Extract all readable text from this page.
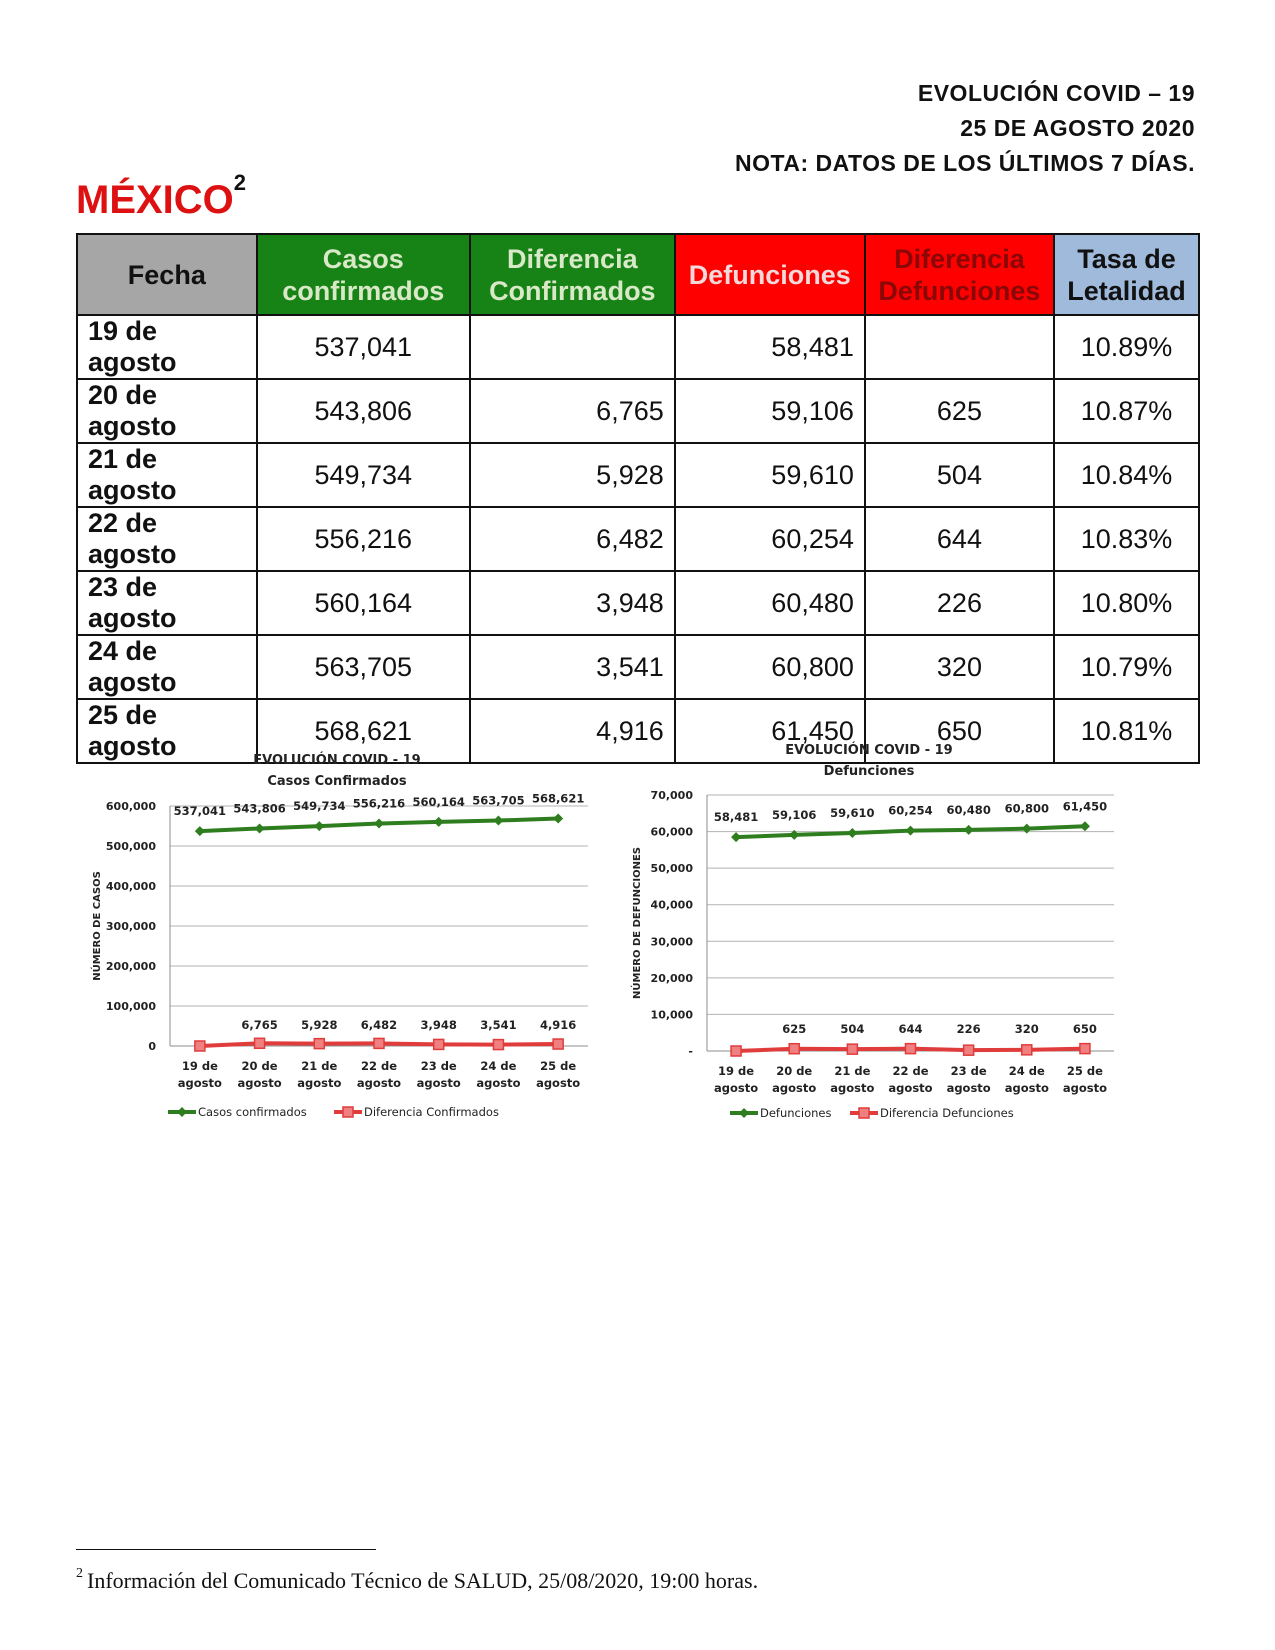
EVOLUCIÓN COVID – 19
25 DE AGOSTO 2020
NOTA: DATOS DE LOS ÚLTIMOS 7 DÍAS.
MÉXICO$^2$
Fecha	Casos confirmados	Diferencia Confirmados	Defunciones	Diferencia Defunciones	Tasa de Letalidad
19 de agosto	537,041		58,481		10.89%
20 de agosto	543,806	6,765	59,106	625	10.87%
21 de agosto	549,734	5,928	59,610	504	10.84%
22 de agosto	556,216	6,482	60,254	644	10.83%
23 de agosto	560,164	3,948	60,480	226	10.80%
24 de agosto	563,705	3,541	60,800	320	10.79%
25 de agosto	568,621	4,916	61,450	650	10.81%
EVOLUCIÓN COVID - 19
Casos Confirmados
0
100,000
200,000
300,000
400,000
500,000
600,000
NÚMERO DE CASOS
19 de agosto
20 de agosto
21 de agosto
22 de agosto
23 de agosto
24 de agosto
25 de agosto
537,041 543,806 549,734 556,216 560,164 563,705 568,621
6,765 5,928 6,482 3,948 3,541 4,916
Casos confirmados	Diferencia Confirmados
EVOLUCIÓN COVID - 19
Defunciones
-
10,000
20,000
30,000
40,000
50,000
60,000
70,000
NÚMERO DE DEFUNCIONES
19 de agosto
20 de agosto
21 de agosto
22 de agosto
23 de agosto
24 de agosto
25 de agosto
58,481 59,106 59,610 60,254 60,480 60,800 61,450
625	504	644	226	320	650
Defunciones	Diferencia Defunciones
$^2$ Información del Comunicado Técnico de SALUD, 25/08/2020, 19:00 horas.
